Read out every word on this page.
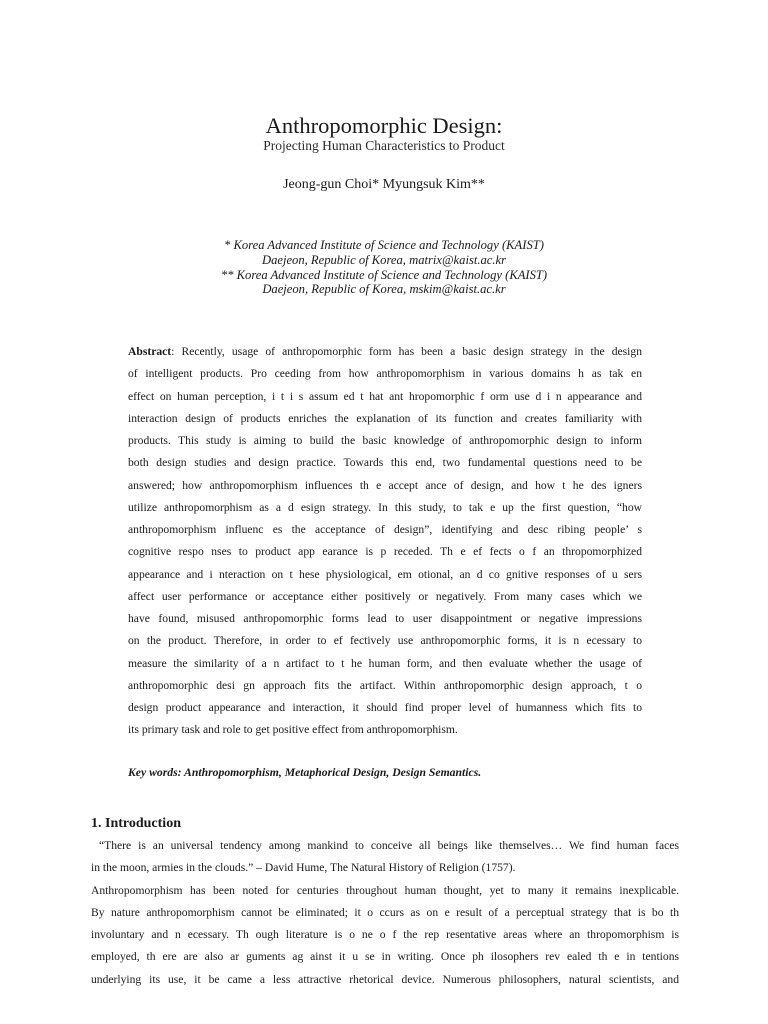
Anthropomorphic Design:
Projecting Human Characteristics to Product
Jeong-gun Choi* Myungsuk Kim**
* Korea Advanced Institute of Science and Technology (KAIST)
Daejeon, Republic of Korea, matrix@kaist.ac.kr
** Korea Advanced Institute of Science and Technology (KAIST)
Daejeon, Republic of Korea, mskim@kaist.ac.kr
Abstract: Recently, usage of anthropomorphic form has been a basic design strategy in the design
of intelligent products. Pro ceeding from how anthropomorphism in various domains h as tak en
effect on human perception, i t i s assum ed t hat ant hropomorphic f orm use d i n appearance and
interaction design of products enriches the explanation of its function and creates familiarity with
products. This study is aiming to build the basic knowledge of anthropomorphic design to inform
both design studies and design practice. Towards this end, two fundamental questions need to be
answered; how anthropomorphism influences th e accept ance of design, and how t he des igners
utilize anthropomorphism as a d esign strategy. In this study, to tak e up the first question, “how
anthropomorphism influenc es the acceptance of design”, identifying and desc ribing people’ s
cognitive respo nses to product app earance is p receded. Th e ef fects o f an thropomorphized
appearance and i nteraction on t hese physiological, em otional, an d co gnitive responses of u sers
affect user performance or acceptance either positively or negatively. From many cases which we
have found, misused anthropomorphic forms lead to user disappointment or negative impressions
on the product. Therefore, in order to ef fectively use anthropomorphic forms, it is n ecessary to
measure the similarity of a n artifact to t he human form, and then evaluate whether the usage of
anthropomorphic desi gn approach fits the artifact. Within anthropomorphic design approach, t o
design product appearance and interaction, it should find proper level of humanness which fits to
its primary task and role to get positive effect from anthropomorphism.
Key words: Anthropomorphism, Metaphorical Design, Design Semantics.
1. Introduction
“There is an universal tendency among mankind to conceive all beings like themselves… We find human faces
in the moon, armies in the clouds.” – David Hume, The Natural History of Religion (1757).
Anthropomorphism has been noted for centuries throughout human thought, yet to many it remains inexplicable.
By nature anthropomorphism cannot be eliminated; it o ccurs as on e result of a perceptual strategy that is bo th
involuntary and n ecessary. Th ough literature is o ne o f the rep resentative areas where an thropomorphism is
employed, th ere are also ar guments ag ainst it u se in writing. Once ph ilosophers rev ealed th e in tentions
underlying its use, it be came a less attractive rhetorical device. Numerous philosophers, natural scientists, and
